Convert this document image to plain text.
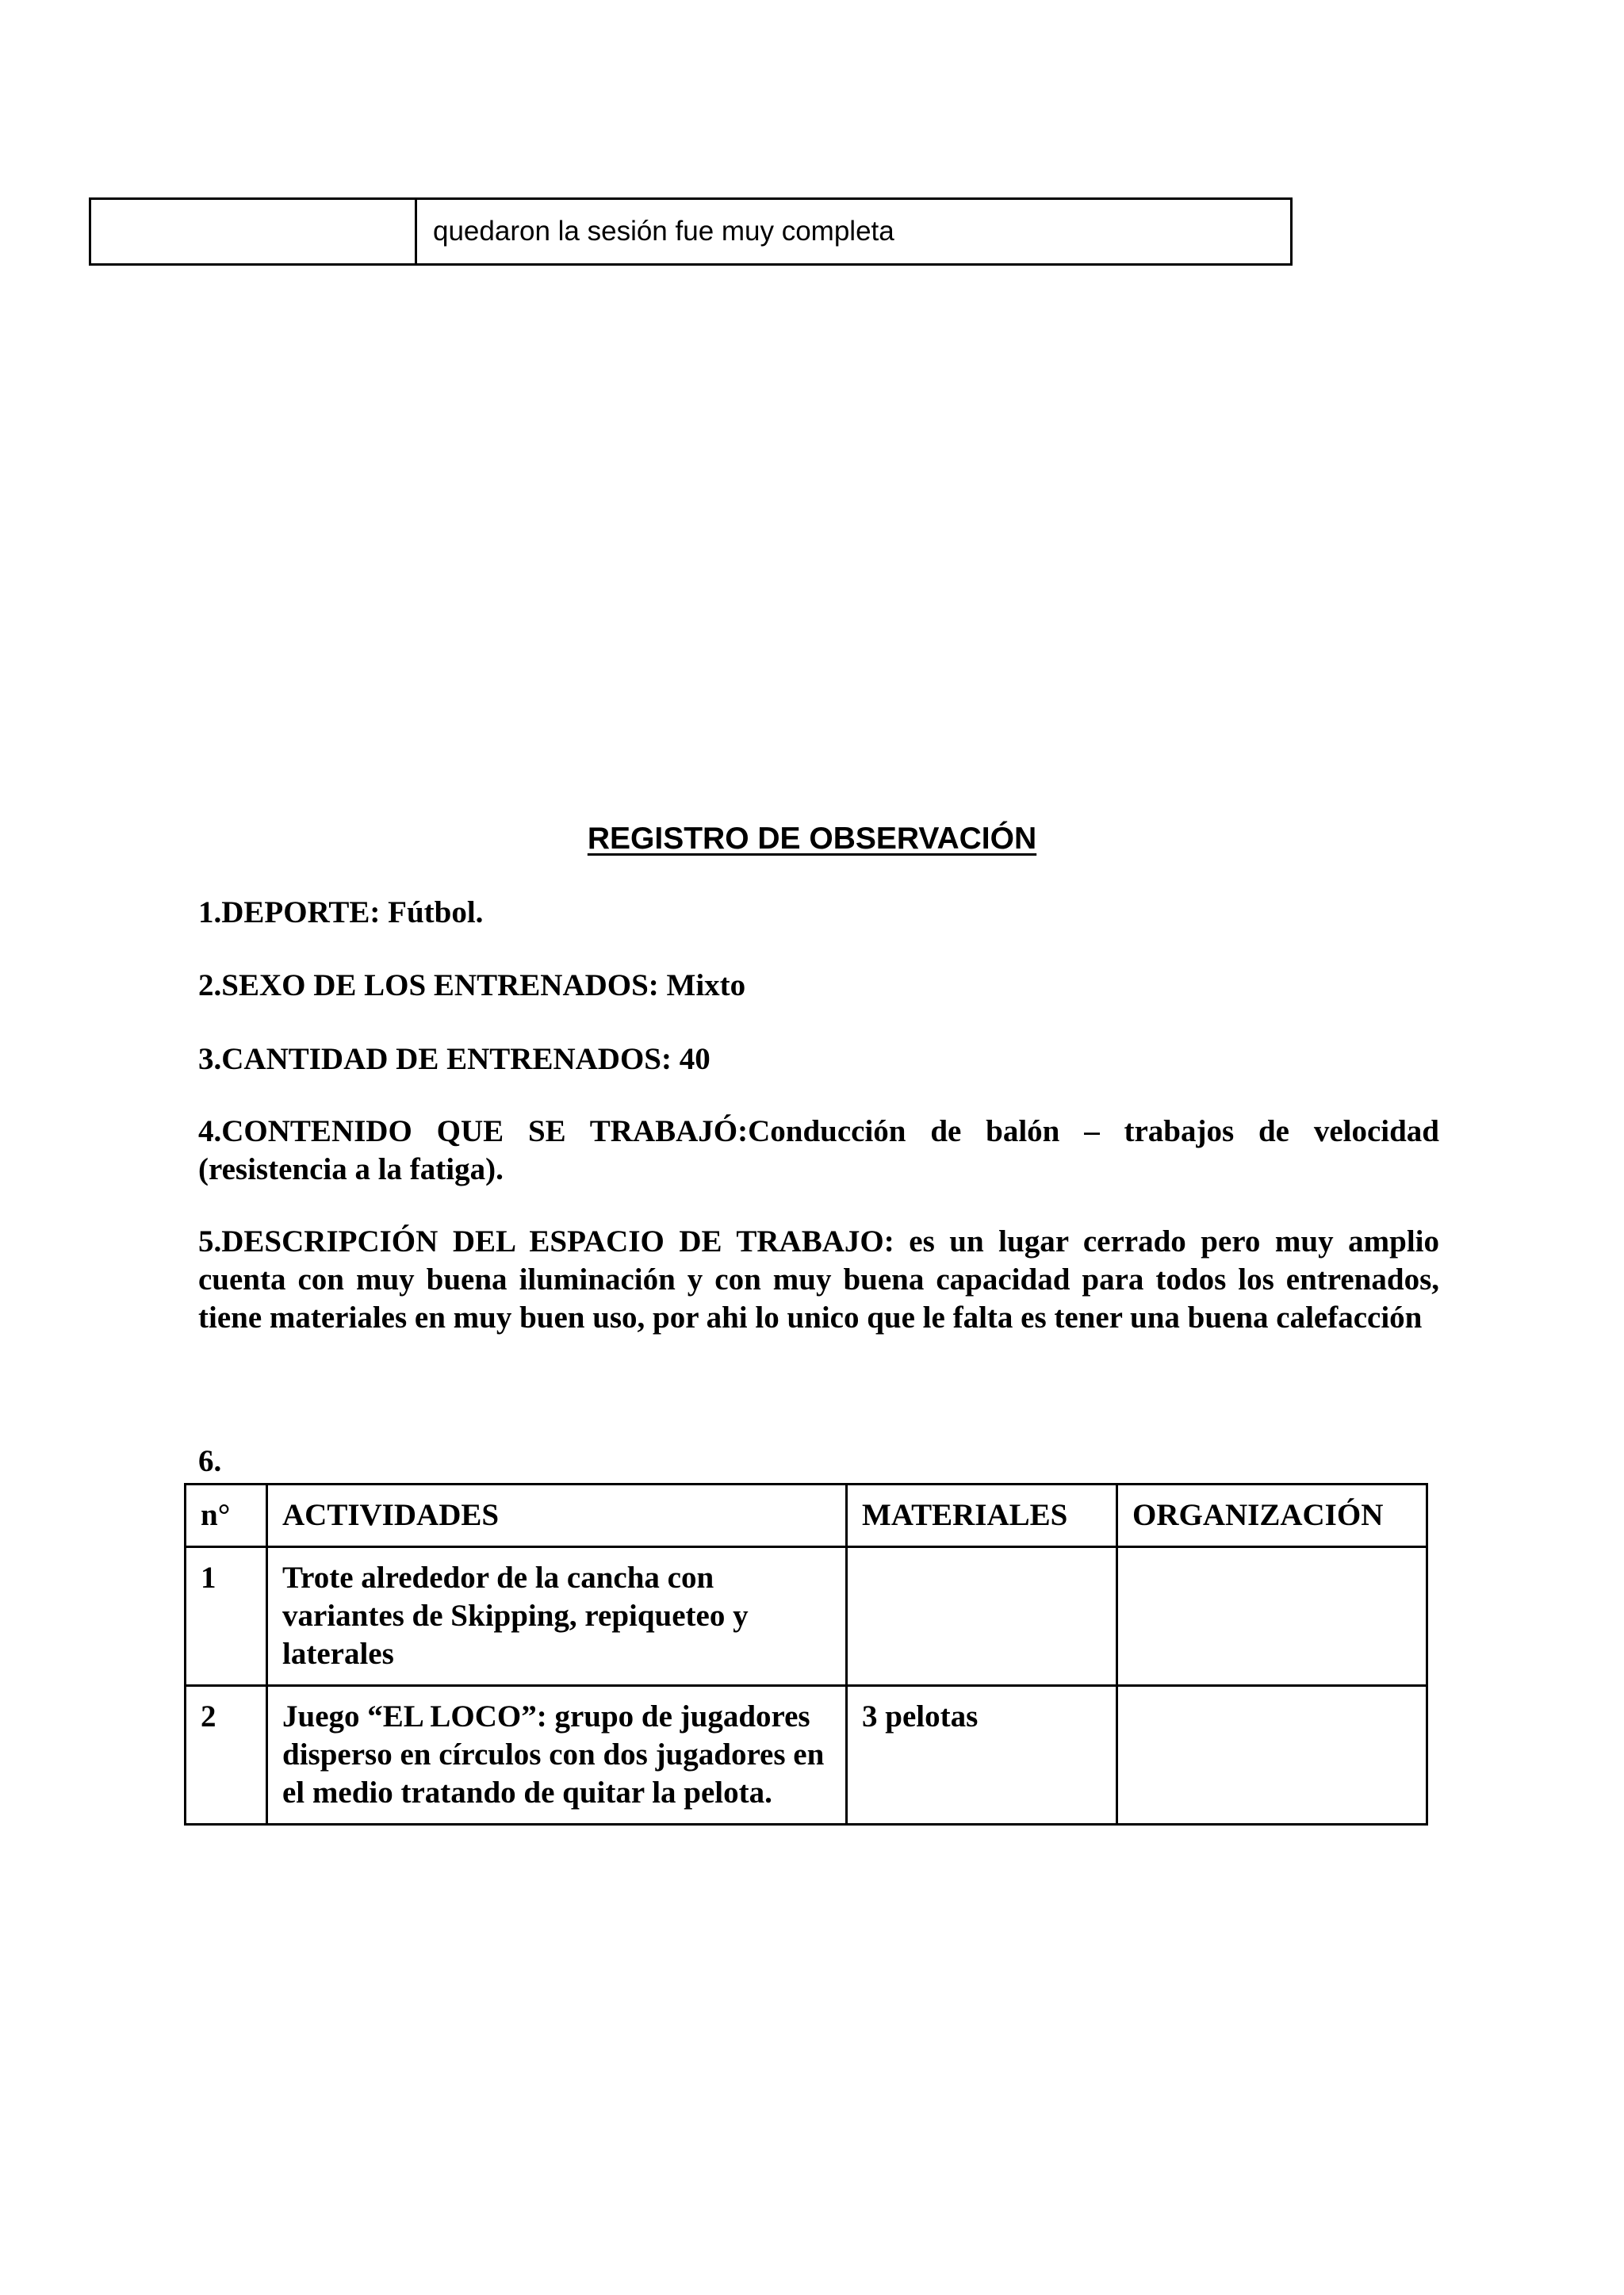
	quedaron la sesión fue muy completa
REGISTRO DE OBSERVACIÓN
1.DEPORTE: Fútbol.
2.SEXO DE LOS ENTRENADOS: Mixto
3.CANTIDAD DE ENTRENADOS: 40
4.CONTENIDO QUE SE TRABAJÓ:Conducción de balón – trabajos de velocidad (resistencia a la fatiga).
5.DESCRIPCIÓN DEL ESPACIO DE TRABAJO: es un lugar cerrado pero muy amplio cuenta con muy buena iluminación y con muy buena capacidad para todos los entrenados, tiene materiales en muy buen uso, por ahi lo unico que le falta es tener una buena calefacción
6.
n°	ACTIVIDADES	MATERIALES	ORGANIZACIÓN
1	Trote alrededor de la cancha con variantes de Skipping, repiqueteo y laterales		
2	Juego “EL LOCO”: grupo de jugadores disperso en círculos con dos jugadores en el medio tratando de quitar la pelota.	3 pelotas	
